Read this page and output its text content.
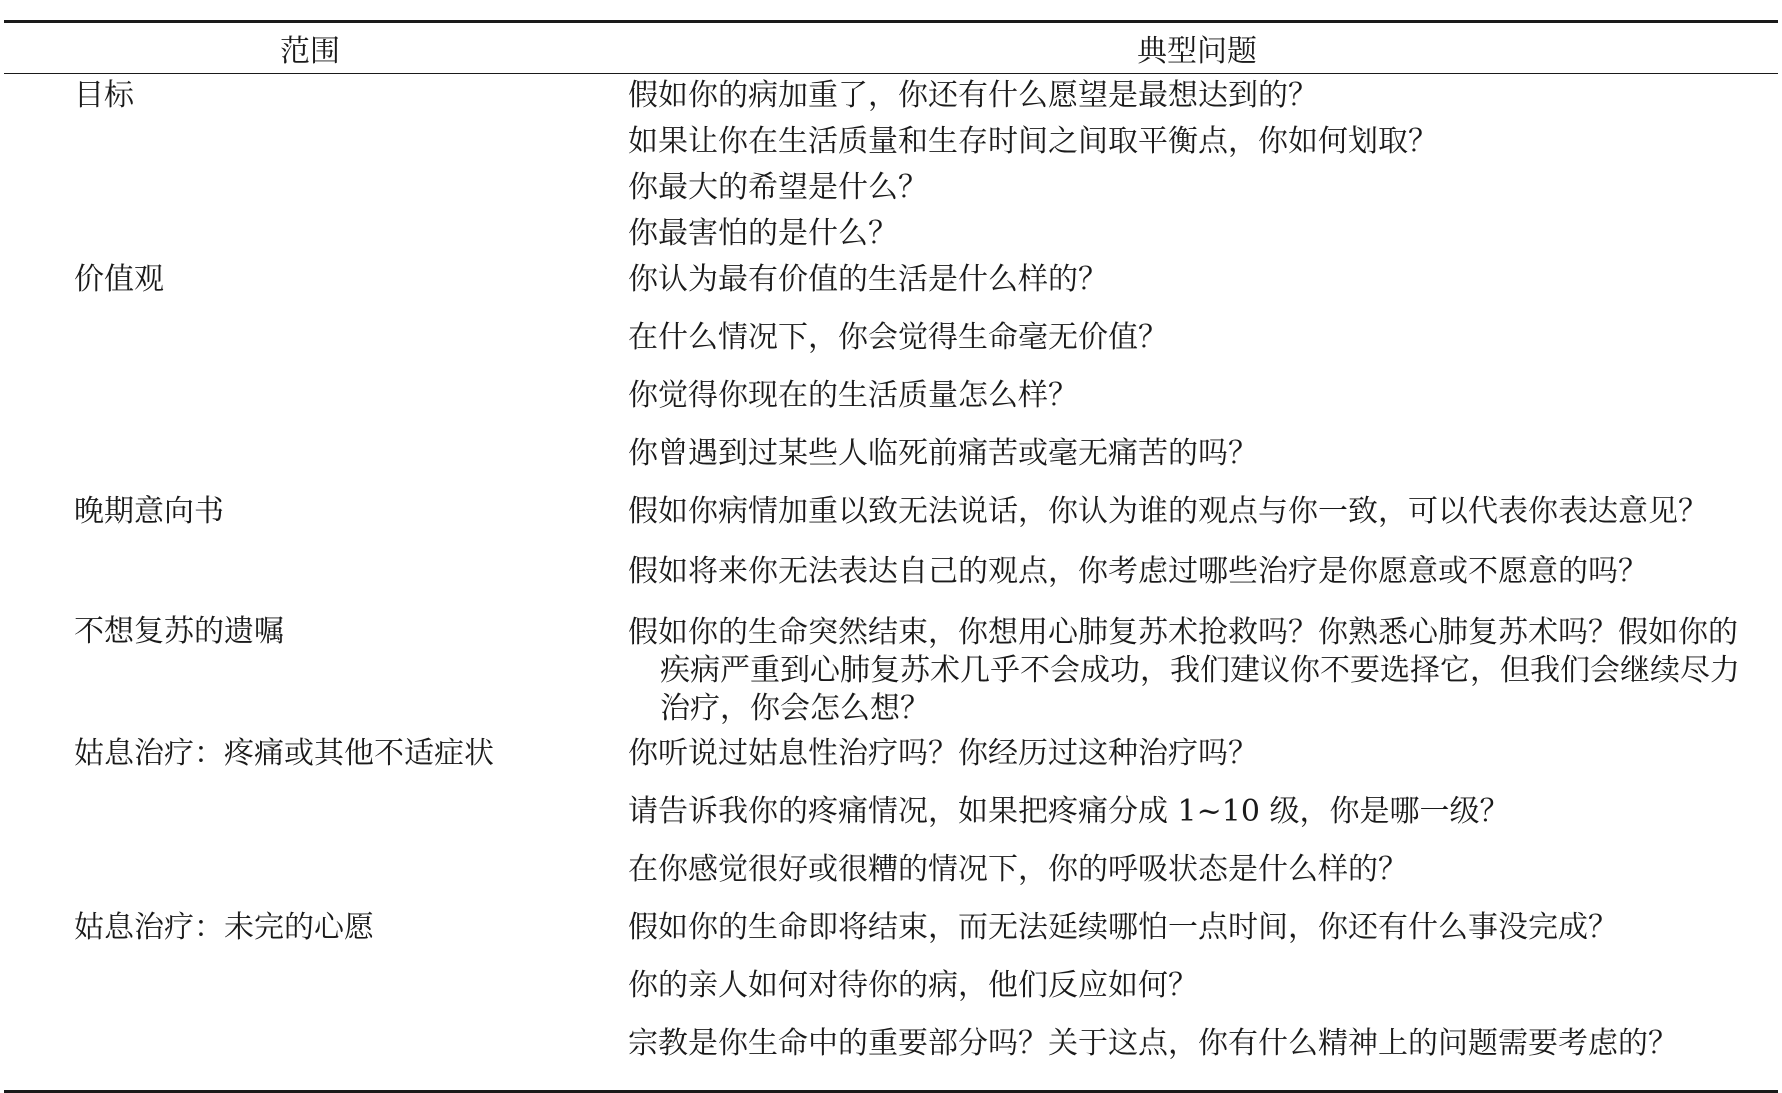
范围	典型问题
目标	假如你的病加重了，你还有什么愿望是最想达到的？
如果让你在生活质量和生存时间之间取平衡点，你如何划取？
你最大的希望是什么？
你最害怕的是什么？
价值观	你认为最有价值的生活是什么样的？
在什么情况下，你会觉得生命毫无价值？
你觉得你现在的生活质量怎么样？
你曾遇到过某些人临死前痛苦或毫无痛苦的吗？
晚期意向书	假如你病情加重以致无法说话，你认为谁的观点与你一致，可以代表你表达意见？
假如将来你无法表达自己的观点，你考虑过哪些治疗是你愿意或不愿意的吗？
不想复苏的遗嘱	假如你的生命突然结束，你想用心肺复苏术抢救吗？你熟悉心肺复苏术吗？假如你的疾病严重到心肺复苏术几乎不会成功，我们建议你不要选择它，但我们会继续尽力治疗，你会怎么想？
姑息治疗：疼痛或其他不适症状	你听说过姑息性治疗吗？你经历过这种治疗吗？
请告诉我你的疼痛情况，如果把疼痛分成 1~10 级，你是哪一级？
在你感觉很好或很糟的情况下，你的呼吸状态是什么样的？
姑息治疗：未完的心愿	假如你的生命即将结束，而无法延续哪怕一点时间，你还有什么事没完成？
你的亲人如何对待你的病，他们反应如何？
宗教是你生命中的重要部分吗？关于这点，你有什么精神上的问题需要考虑的？
